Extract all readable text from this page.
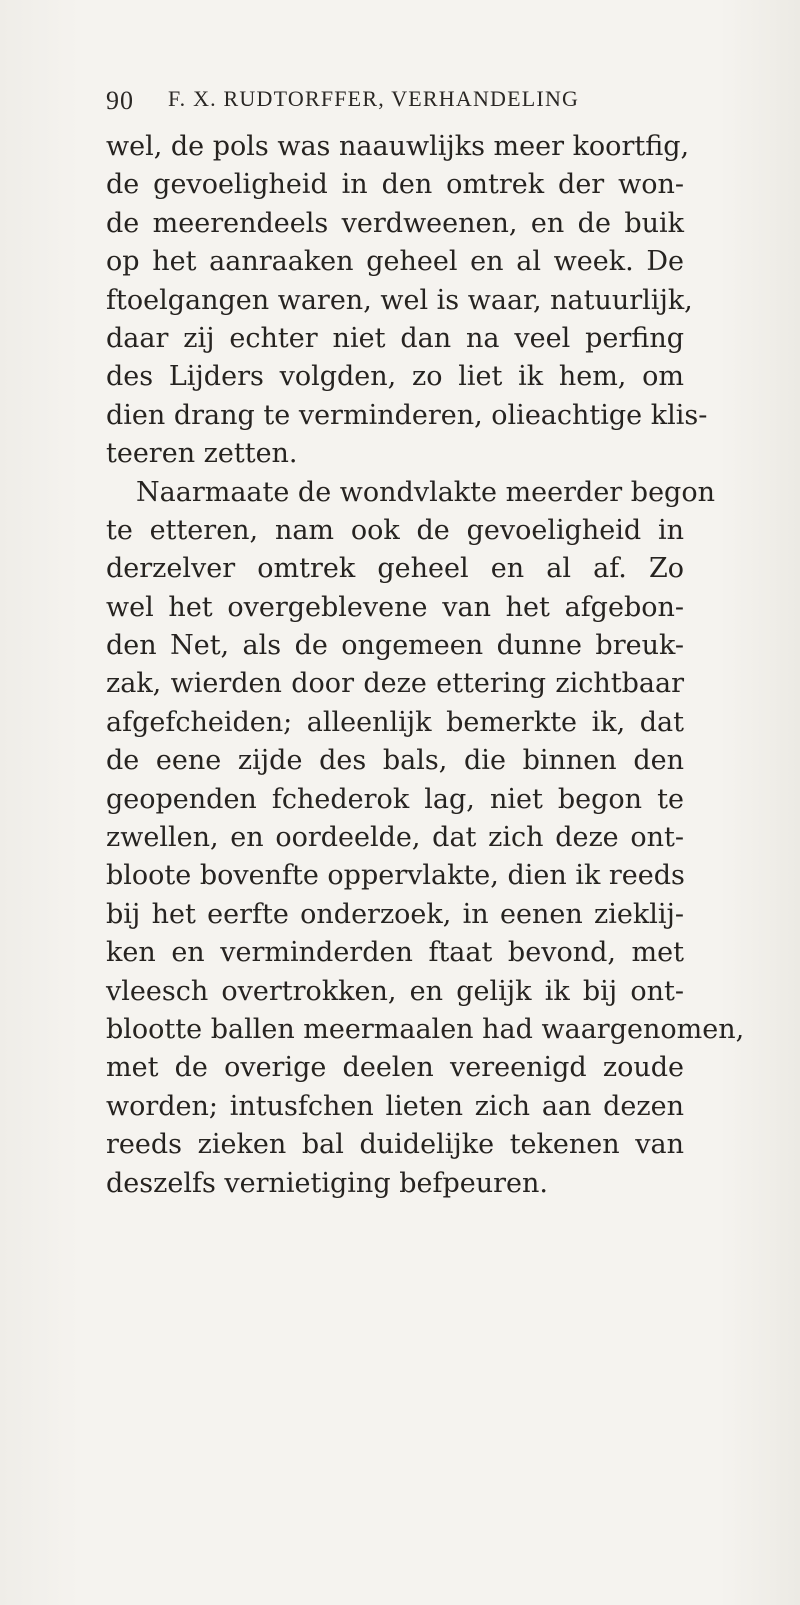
90 F. X. RUDTORFFER, VERHANDELING
wel, de pols was naauwlijks meer koortfig,
de gevoeligheid in den omtrek der won-
de meerendeels verdweenen, en de buik
op het aanraaken geheel en al week. De
ftoelgangen waren, wel is waar, natuurlijk,
daar zij echter niet dan na veel perfing
des Lijders volgden, zo liet ik hem, om
dien drang te verminderen, olieachtige klis-
teeren zetten.
Naarmaate de wondvlakte meerder begon
te etteren, nam ook de gevoeligheid in
derzelver omtrek geheel en al af. Zo
wel het overgeblevene van het afgebon-
den Net, als de ongemeen dunne breuk-
zak, wierden door deze ettering zichtbaar
afgefcheiden; alleenlijk bemerkte ik, dat
de eene zijde des bals, die binnen den
geopenden fchederok lag, niet begon te
zwellen, en oordeelde, dat zich deze ont-
bloote bovenfte oppervlakte, dien ik reeds
bij het eerfte onderzoek, in eenen zieklij-
ken en verminderden ftaat bevond, met
vleesch overtrokken, en gelijk ik bij ont-
blootte ballen meermaalen had waargenomen,
met de overige deelen vereenigd zoude
worden; intusfchen lieten zich aan dezen
reeds zieken bal duidelijke tekenen van
deszelfs vernietiging befpeuren.
